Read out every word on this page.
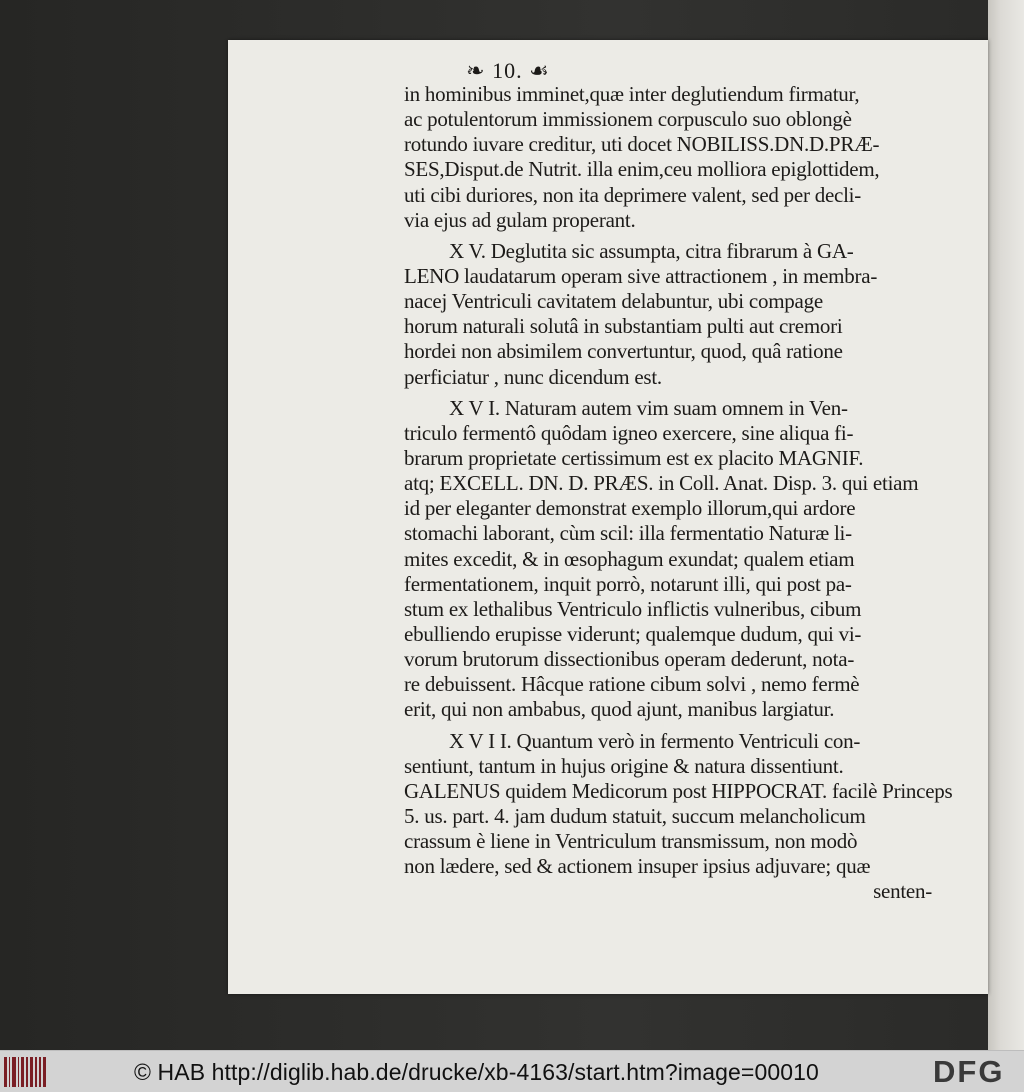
❧ 10. ☙
in hominibus imminet,quæ inter deglutiendum firmatur,
ac potulentorum immissionem corpusculo suo oblongè
rotundo iuvare creditur, uti docet NOBILISS.DN.D.PRÆ-
SES,Disput.de Nutrit. illa enim,ceu molliora epiglottidem,
uti cibi duriores, non ita deprimere valent, sed per decli-
via ejus ad gulam properant.
X V. Deglutita sic assumpta, citra fibrarum à GA-
LENO laudatarum operam sive attractionem , in membra-
nacej Ventriculi cavitatem delabuntur, ubi compage
horum naturali solutâ in substantiam pulti aut cremori
hordei non absimilem convertuntur, quod, quâ ratione
perficiatur , nunc dicendum est.
X V I. Naturam autem vim suam omnem in Ven-
triculo fermentô quôdam igneo exercere, sine aliqua fi-
brarum proprietate certissimum est ex placito MAGNIF.
atq; EXCELL. DN. D. PRÆS. in Coll. Anat. Disp. 3. qui etiam
id per eleganter demonstrat exemplo illorum,qui ardore
stomachi laborant, cùm scil: illa fermentatio Naturæ li-
mites excedit, & in œsophagum exundat; qualem etiam
fermentationem, inquit porrò, notarunt illi, qui post pa-
stum ex lethalibus Ventriculo inflictis vulneribus, cibum
ebulliendo erupisse viderunt; qualemque dudum, qui vi-
vorum brutorum dissectionibus operam dederunt, nota-
re debuissent. Hâcque ratione cibum solvi , nemo fermè
erit, qui non ambabus, quod ajunt, manibus largiatur.
X V I I. Quantum verò in fermento Ventriculi con-
sentiunt, tantum in hujus origine & natura dissentiunt.
GALENUS quidem Medicorum post HIPPOCRAT. facilè Princeps
5. us. part. 4. jam dudum statuit, succum melancholicum
crassum è liene in Ventriculum transmissum, non modò
non lædere, sed & actionem insuper ipsius adjuvare; quæ
senten-
© HAB http://diglib.hab.de/drucke/xb-4163/start.htm?image=00010	DFG
